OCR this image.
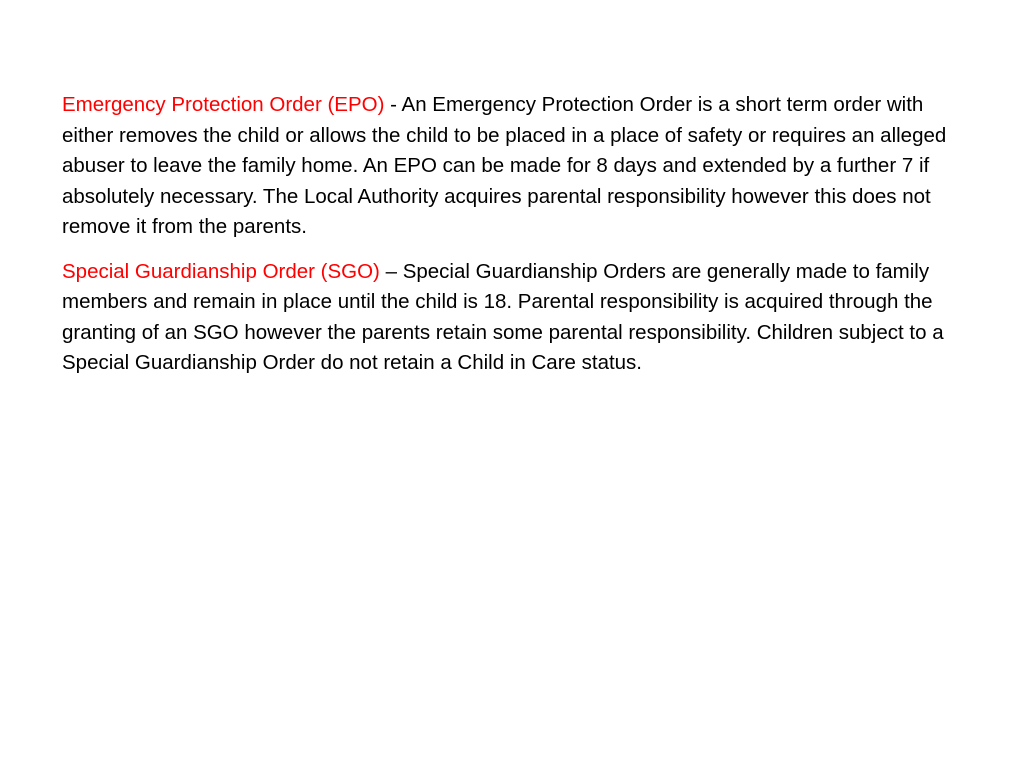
Emergency Protection Order (EPO) - An Emergency Protection Order is a short term order with either removes the child or allows the child to be placed in a place of safety or requires an alleged abuser to leave the family home. An EPO can be made for 8 days and extended by a further 7 if absolutely necessary. The Local Authority acquires parental responsibility however this does not remove it from the parents.

Special Guardianship Order (SGO) – Special Guardianship Orders are generally made to family members and remain in place until the child is 18. Parental responsibility is acquired through the granting of an SGO however the parents retain some parental responsibility. Children subject to a Special Guardianship Order do not retain a Child in Care status.
